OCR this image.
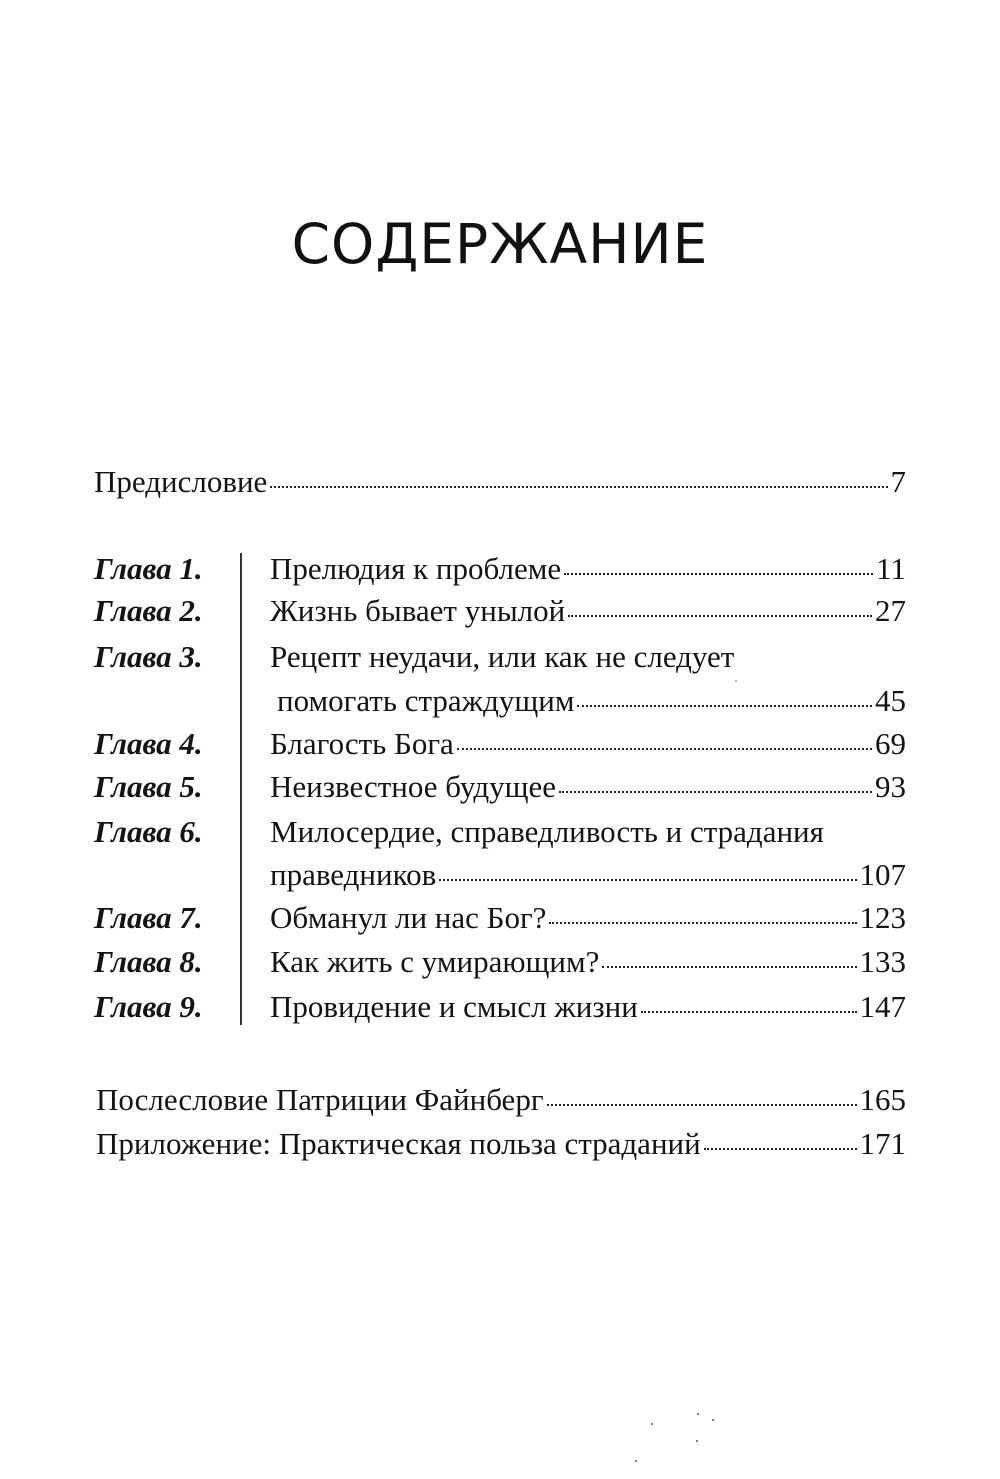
СОДЕРЖАНИЕ
Предисловие	7
Глава 1. Прелюдия к проблеме	11
Глава 2. Жизнь бывает унылой	27
Глава 3. Рецепт неудачи, или как не следует
помогать страждущим	45
Глава 4. Благость Бога	69
Глава 5. Неизвестное будущее	93
Глава 6. Милосердие, справедливость и страдания
праведников	107
Глава 7. Обманул ли нас Бог?	123
Глава 8. Как жить с умирающим?	133
Глава 9. Провидение и смысл жизни	147
Послесловие Патриции Файнберг	165
Приложение: Практическая польза страданий	171
